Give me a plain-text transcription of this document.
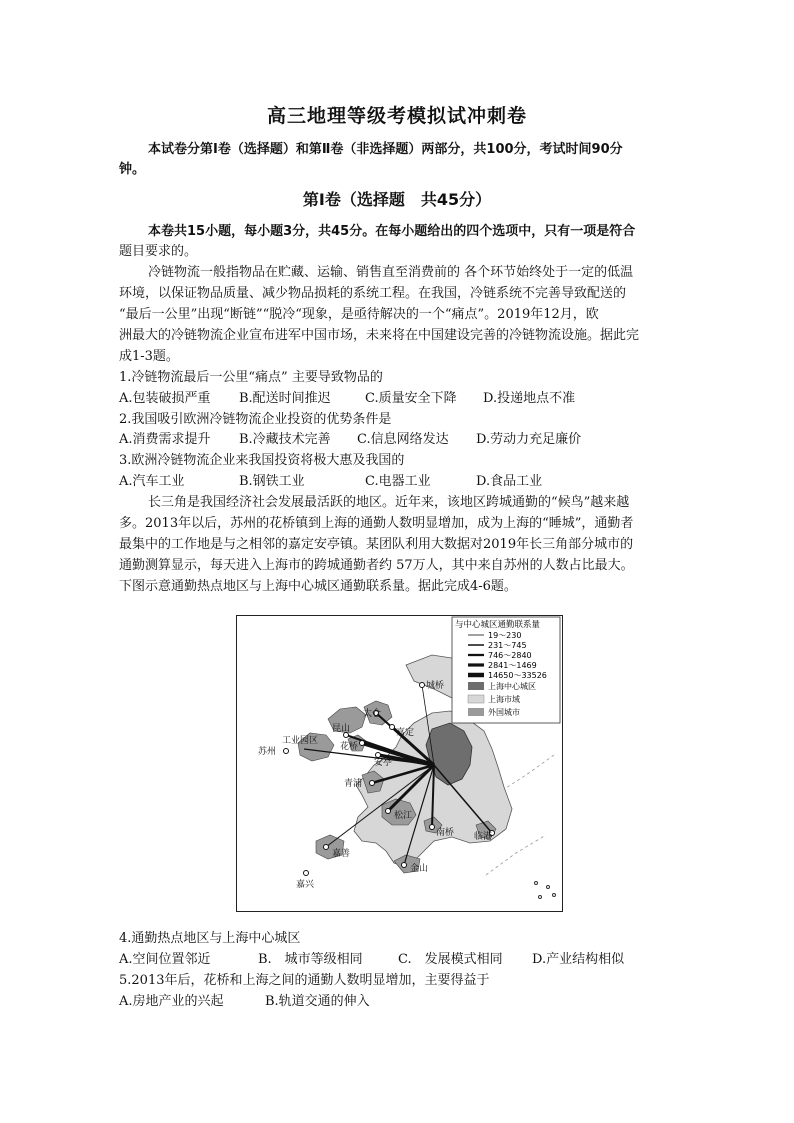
高三地理等级考模拟试冲刺卷
本试卷分第Ⅰ卷（选择题）和第Ⅱ卷（非选择题）两部分，共100分，考试时间90分
钟。
第Ⅰ卷（选择题　共45分）
本卷共15小题，每小题3分，共45分。在每小题给出的四个选项中，只有一项是符合
题目要求的。
冷链物流一般指物品在贮藏、运输、销售直至消费前的 各个环节始终处于一定的低温
环境，以保证物品质量、减少物品损耗的系统工程。在我国，冷链系统不完善导致配送的
“最后一公里”出现“断链”“脱冷“现象，是亟待解决的一个“痛点”。2019年12月，欧
洲最大的冷链物流企业宣布进军中国市场，未来将在中国建设完善的冷链物流设施。据此完
成1-3题。
1.冷链物流最后一公里“痛点” 主要导致物品的
A.包装破损严重 B.配送时间推迟	C.质量安全下降 D.投递地点不准
2.我国吸引欧洲冷链物流企业投资的优势条件是
A.消费需求提升 B.冷藏技术完善 C.信息网络发达 D.劳动力充足廉价
3.欧洲冷链物流企业来我国投资将极大惠及我国的
A.汽车工业	B.钢铁工业	C.电器工业	D.食品工业
长三角是我国经济社会发展最活跃的地区。近年来，该地区跨城通勤的“候鸟”越来越
多。2013年以后，苏州的花桥镇到上海的通勤人数明显增加，成为上海的“睡城”，通勤者
最集中的工作地是与之相邻的嘉定安亭镇。某团队利用大数据对2019年长三角部分城市的
通勤测算显示，每天进入上海市的跨城通勤者约 57万人，其中来自苏州的人数占比最大。
下图示意通勤热点地区与上海中心城区通勤联系量。据此完成4-6题。
城桥
太仓
昆山
工业园区
苏州	花桥
嘉定
安亭
青浦
松江
南桥 临港
嘉善
金山
嘉兴
与中心城区通勤联系量
19～230
231～745
746～2840
2841～1469
14650～33526
上海中心城区
上海市域
外国城市
4.通勤热点地区与上海中心城区
A.空间位置邻近	B.　城市等级相同	C.　发展模式相同 D.产业结构相似
5.2013年后，花桥和上海之间的通勤人数明显增加，主要得益于
A.房地产业的兴起	B.轨道交通的伸入
